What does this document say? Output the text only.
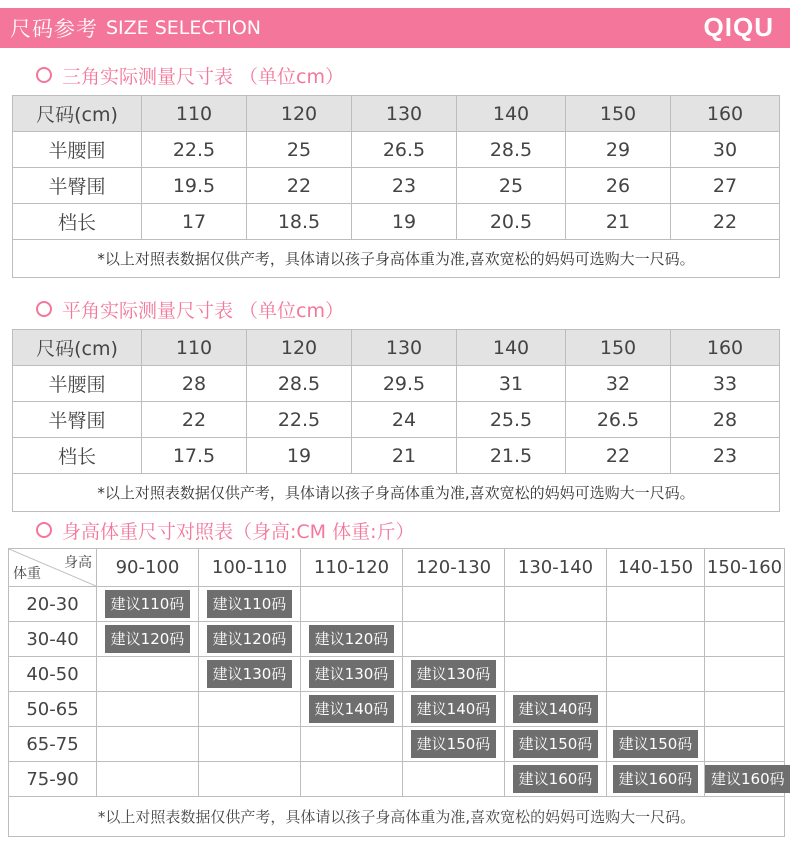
尺码参考 SIZE SELECTION	QIQU
三角实际测量尺寸表 （单位cm）
尺码(cm)	110	120	130	140	150	160
半腰围	22.5	25	26.5	28.5	29	30
半臀围	19.5	22	23	25	26	27
档长	17	18.5	19	20.5	21	22
*以上对照表数据仅供产考，具体请以孩子身高体重为准,喜欢宽松的妈妈可选购大一尺码。						
平角实际测量尺寸表 （单位cm）
尺码(cm)	110	120	130	140	150	160
半腰围	28	28.5	29.5	31	32	33
半臀围	22	22.5	24	25.5	26.5	28
档长	17.5	19	21	21.5	22	23
*以上对照表数据仅供产考，具体请以孩子身高体重为准,喜欢宽松的妈妈可选购大一尺码。						
身高体重尺寸对照表（身高:CM 体重:斤）
身高
体重	90-100	100-110	110-120	120-130	130-140	140-150	150-160
20-30	建议110码	建议110码					
30-40	建议120码	建议120码	建议120码				
40-50		建议130码	建议130码	建议130码			
50-65			建议140码	建议140码	建议140码		
65-75				建议150码	建议150码	建议150码	
75-90					建议160码	建议160码	建议160码
*以上对照表数据仅供产考，具体请以孩子身高体重为准,喜欢宽松的妈妈可选购大一尺码。							
